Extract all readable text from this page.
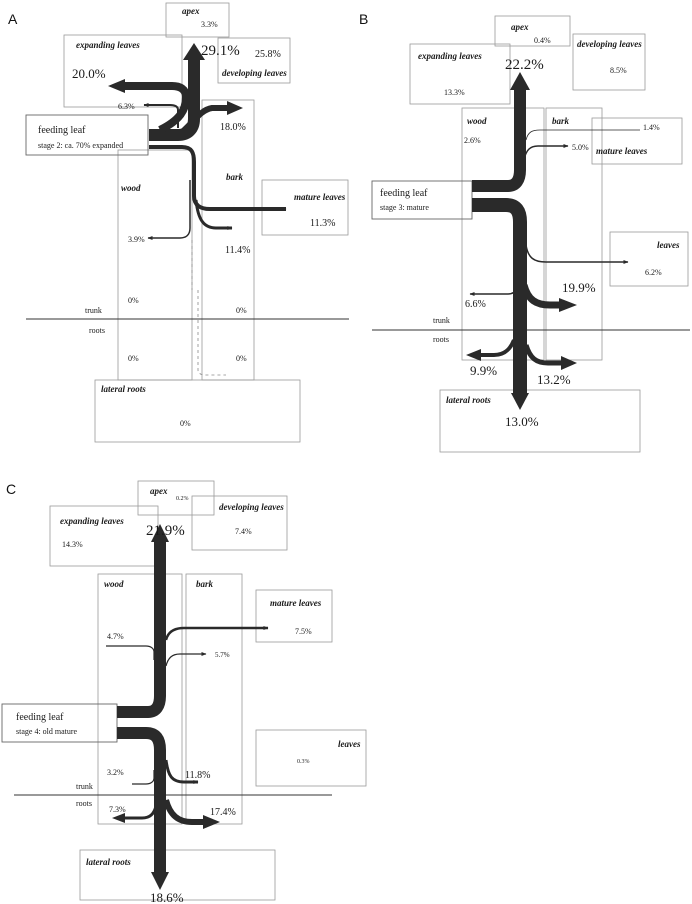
A	apex
3.3%
29.1%
expanding leaves
20.0%
25.8%
developing leaves
6.3%
18.0%
feeding leaf
stage 2: ca. 70% expanded
wood
bark
mature leaves
11.3%
3.9%
11.4%
0%
trunk	0%
roots
0%	0%
lateral roots
0%
B	apex
0.4%	developing leaves
expanding leaves
22.2%	8.5%
13.3%
wood	bark
1.4%
2.6%
5.0% mature leaves
feeding leaf
stage 3: mature
leaves
6.2%
19.9%
6.6%
trunk
roots
9.9%
13.2%
lateral roots
13.0%
C	apex
0.2%
developing leaves
expanding leaves
21.9%	7.4%
14.3%
wood	bark
mature leaves
7.5%
4.7%
5.7%
feeding leaf
stage 4: old mature
leaves
0.3%
3.2%	11.8%
trunk
roots
7.3%	17.4%
lateral roots
18.6%
